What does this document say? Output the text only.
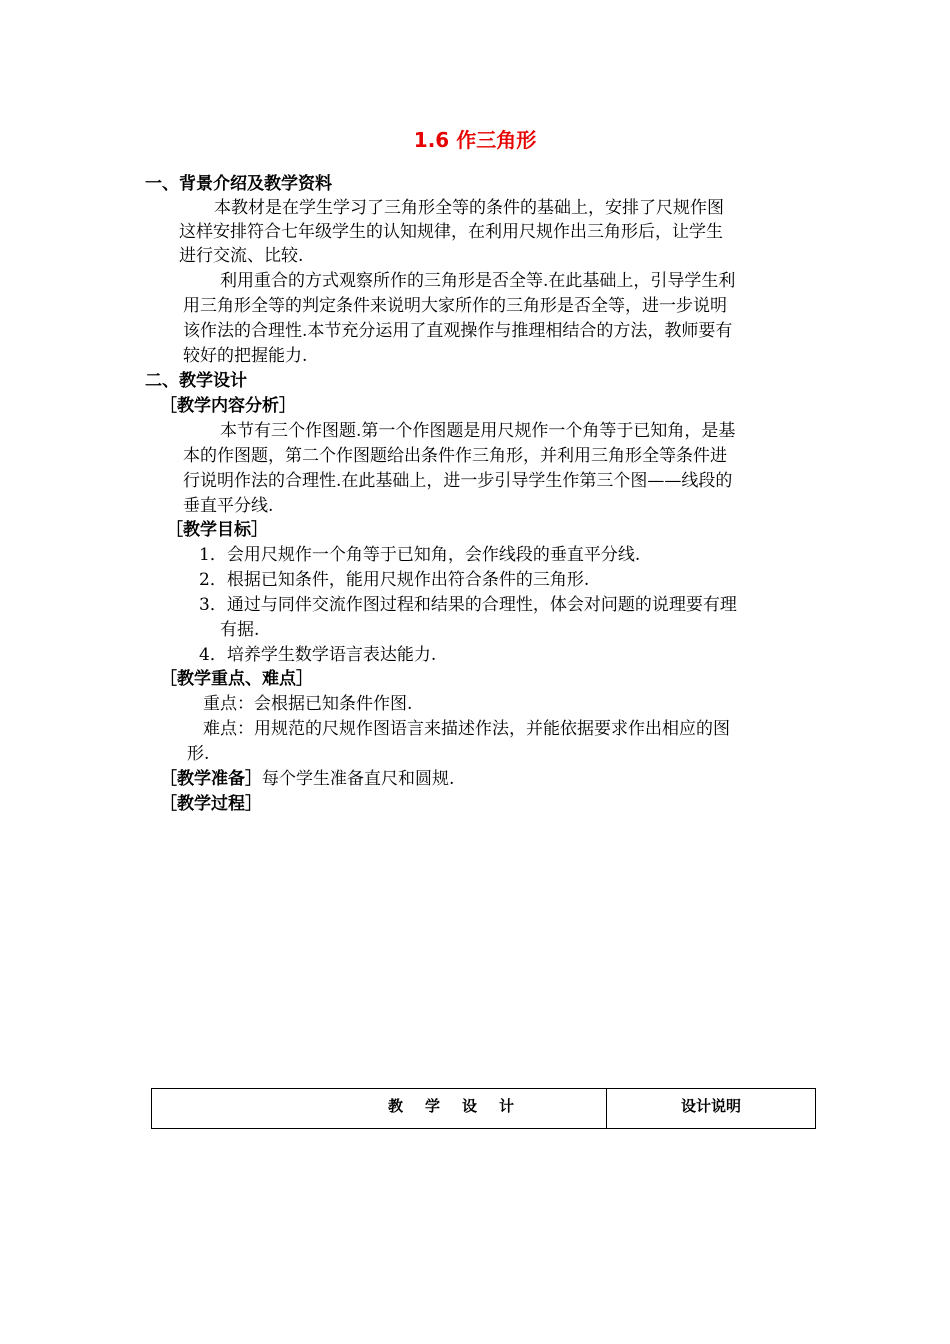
1.6 作三角形
一、背景介绍及教学资料
本教材是在学生学习了三角形全等的条件的基础上，安排了尺规作图
这样安排符合七年级学生的认知规律，在利用尺规作出三角形后，让学生
进行交流、比较.
利用重合的方式观察所作的三角形是否全等.在此基础上，引导学生利
用三角形全等的判定条件来说明大家所作的三角形是否全等，进一步说明
该作法的合理性.本节充分运用了直观操作与推理相结合的方法，教师要有
较好的把握能力.
二、教学设计
［教学内容分析］
本节有三个作图题.第一个作图题是用尺规作一个角等于已知角，是基
本的作图题，第二个作图题给出条件作三角形，并利用三角形全等条件进
行说明作法的合理性.在此基础上，进一步引导学生作第三个图——线段的
垂直平分线.
［教学目标］
1．会用尺规作一个角等于已知角，会作线段的垂直平分线.
2．根据已知条件，能用尺规作出符合条件的三角形.
3．通过与同伴交流作图过程和结果的合理性，体会对问题的说理要有理
有据.
4．培养学生数学语言表达能力.
［教学重点、难点］
重点：会根据已知条件作图.
难点：用规范的尺规作图语言来描述作法，并能依据要求作出相应的图
形.
［教学准备］每个学生准备直尺和圆规.
［教学过程］
教学设计	设计说明
